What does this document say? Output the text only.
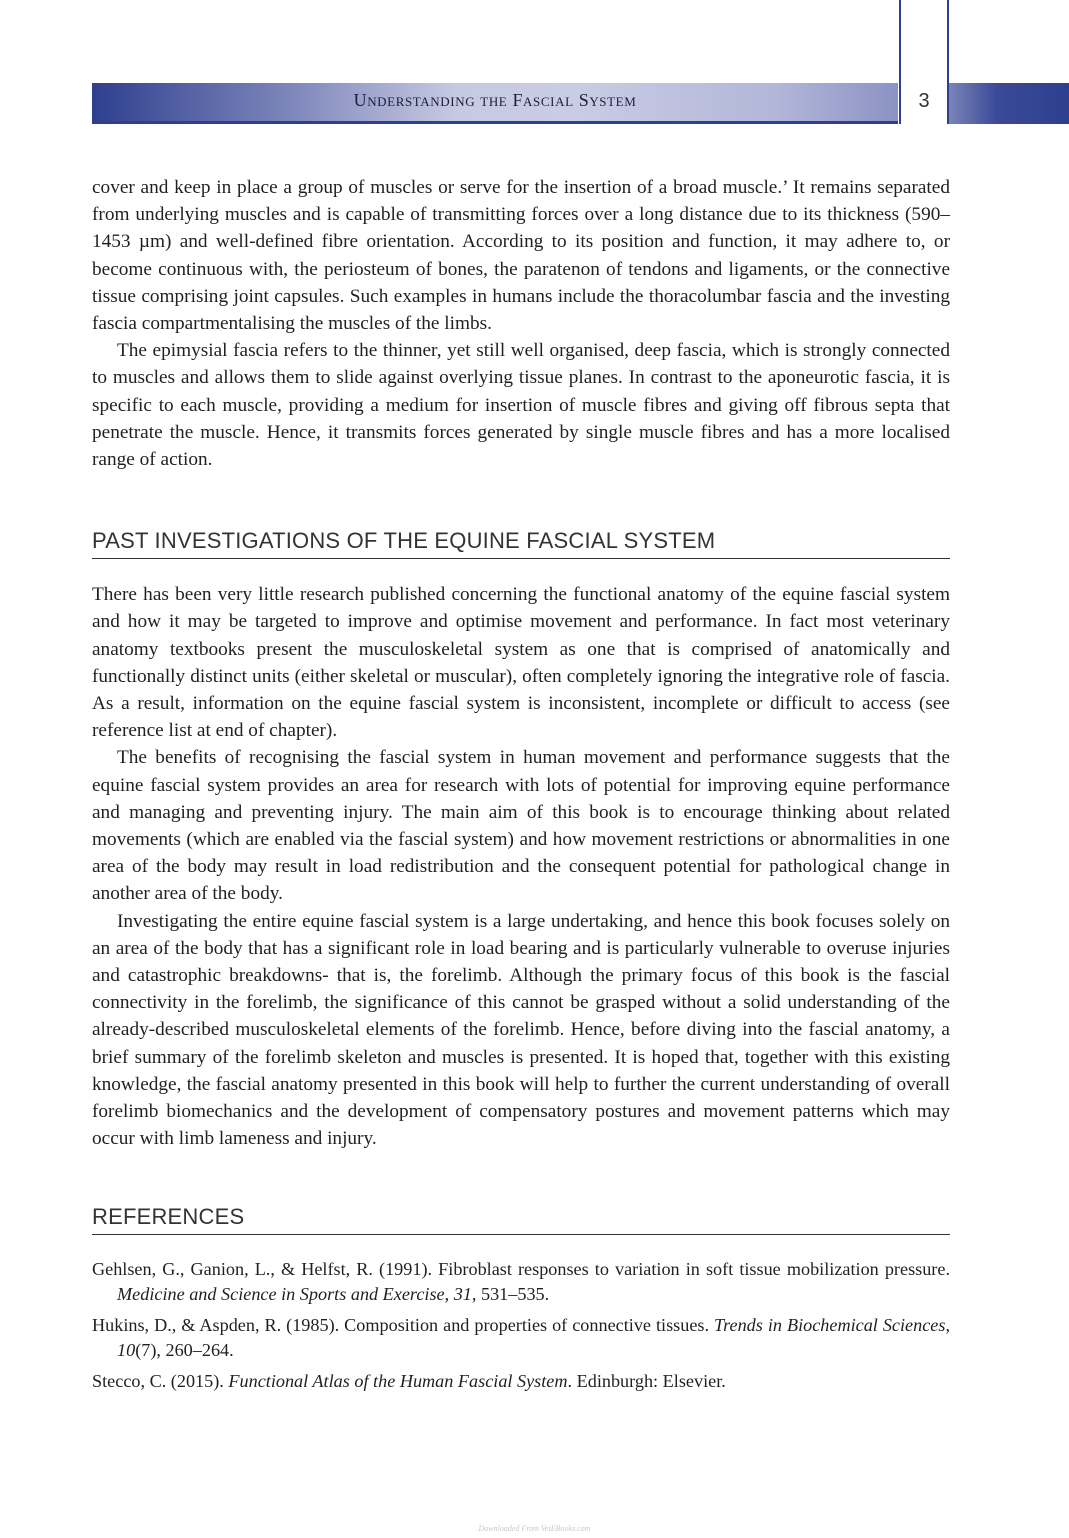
Understanding the Fascial System	3

cover and keep in place a group of muscles or serve for the insertion of a broad muscle.’ It remains separated from underlying muscles and is capable of transmitting forces over a long distance due to its thickness (590–1453 µm) and well-defined fibre orientation. According to its position and function, it may adhere to, or become continuous with, the periosteum of bones, the paratenon of tendons and ligaments, or the connective tissue comprising joint capsules. Such examples in humans include the thoracolumbar fascia and the investing fascia compartmentalising the muscles of the limbs.

The epimysial fascia refers to the thinner, yet still well organised, deep fascia, which is strongly connected to muscles and allows them to slide against overlying tissue planes. In contrast to the aponeurotic fascia, it is specific to each muscle, providing a medium for insertion of muscle fibres and giving off fibrous septa that penetrate the muscle. Hence, it transmits forces generated by single muscle fibres and has a more localised range of action.

PAST INVESTIGATIONS OF THE EQUINE FASCIAL SYSTEM

There has been very little research published concerning the functional anatomy of the equine fascial system and how it may be targeted to improve and optimise movement and performance. In fact most veterinary anatomy textbooks present the musculoskeletal system as one that is comprised of anatomically and functionally distinct units (either skeletal or muscular), often completely ignoring the integrative role of fascia. As a result, information on the equine fascial system is inconsistent, incomplete or difficult to access (see reference list at end of chapter).

The benefits of recognising the fascial system in human movement and performance suggests that the equine fascial system provides an area for research with lots of potential for improving equine performance and managing and preventing injury. The main aim of this book is to encourage thinking about related movements (which are enabled via the fascial system) and how movement restrictions or abnormalities in one area of the body may result in load redistribution and the consequent potential for pathological change in another area of the body.

Investigating the entire equine fascial system is a large undertaking, and hence this book focuses solely on an area of the body that has a significant role in load bearing and is particularly vulnerable to overuse injuries and catastrophic breakdowns- that is, the forelimb. Although the primary focus of this book is the fascial connectivity in the forelimb, the significance of this cannot be grasped without a solid understanding of the already-described musculoskeletal elements of the forelimb. Hence, before diving into the fascial anatomy, a brief summary of the forelimb skeleton and muscles is presented. It is hoped that, together with this existing knowledge, the fascial anatomy presented in this book will help to further the current understanding of overall forelimb biomechanics and the development of compensatory postures and movement patterns which may occur with limb lameness and injury.

REFERENCES

Gehlsen, G., Ganion, L., & Helfst, R. (1991). Fibroblast responses to variation in soft tissue mobilization pressure. Medicine and Science in Sports and Exercise, 31, 531–535.

Hukins, D., & Aspden, R. (1985). Composition and properties of connective tissues. Trends in Biochemical Sciences, 10(7), 260–264.

Stecco, C. (2015). Functional Atlas of the Human Fascial System. Edinburgh: Elsevier.

Downloaded From VetEBooks.com
